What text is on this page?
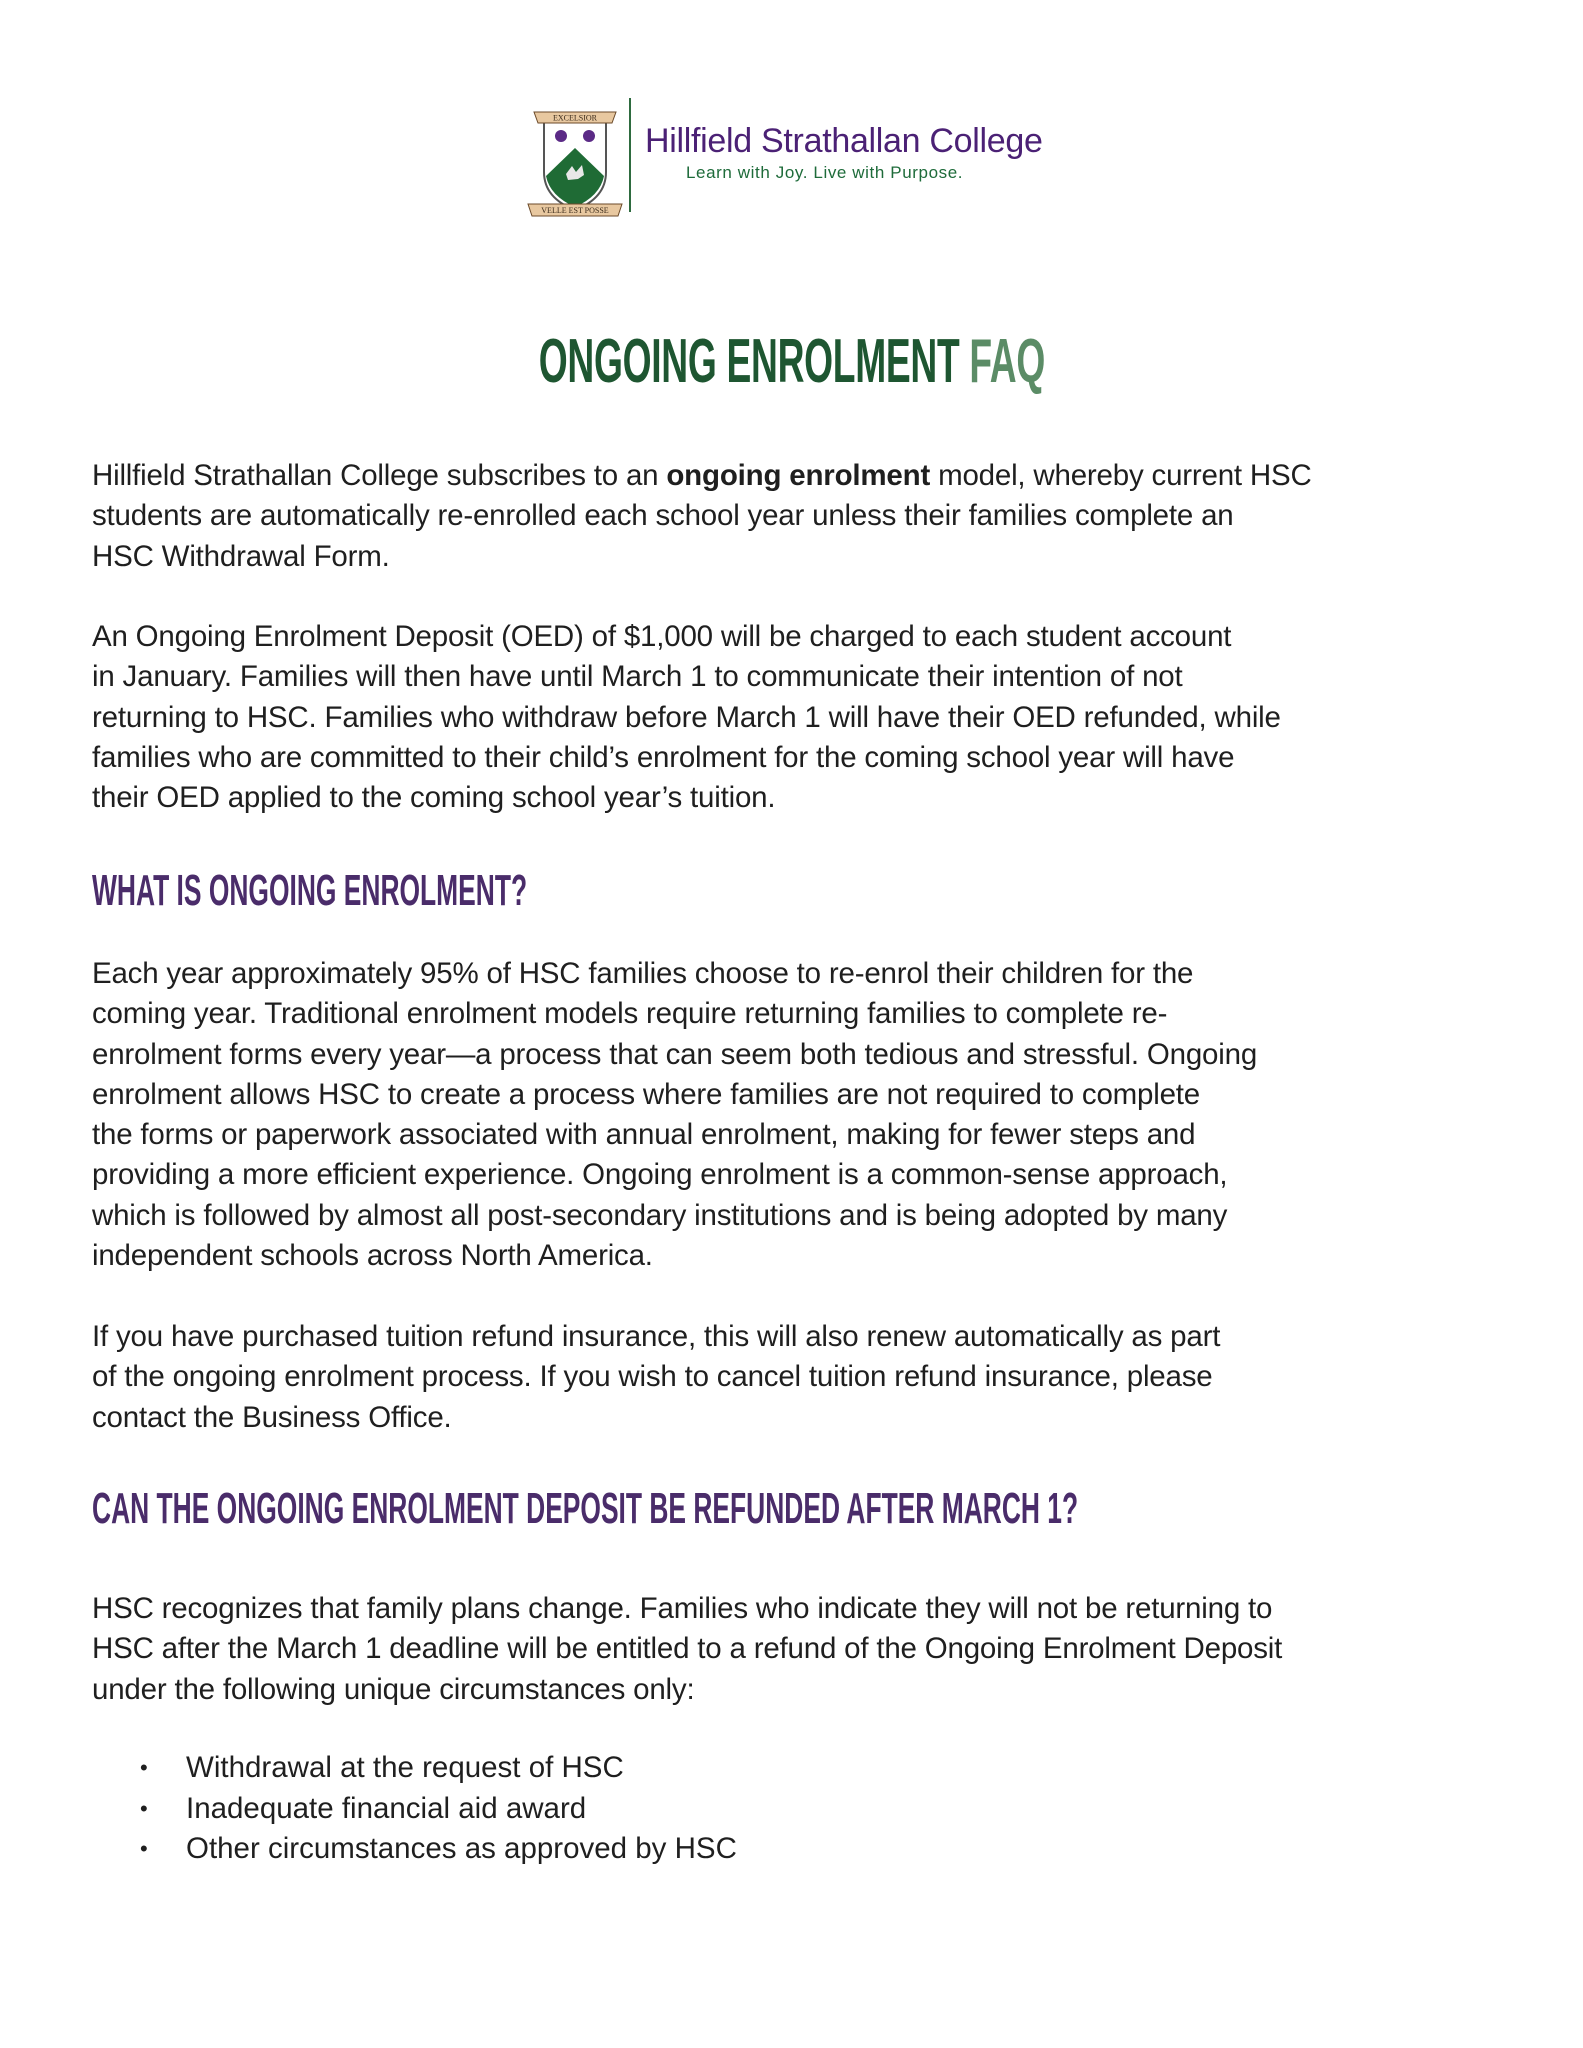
EXCELSIOR
VELLE EST POSSE
Hillfield Strathallan College
Learn with Joy. Live with Purpose.
ONGOING ENROLMENT FAQ
Hillfield Strathallan College subscribes to an ongoing enrolment model, whereby current HSC
students are automatically re-enrolled each school year unless their families complete an
HSC Withdrawal Form.
An Ongoing Enrolment Deposit (OED) of $1,000 will be charged to each student account
in January. Families will then have until March 1 to communicate their intention of not
returning to HSC. Families who withdraw before March 1 will have their OED refunded, while
families who are committed to their child’s enrolment for the coming school year will have
their OED applied to the coming school year’s tuition.
WHAT IS ONGOING ENROLMENT?
Each year approximately 95% of HSC families choose to re-enrol their children for the
coming year. Traditional enrolment models require returning families to complete re-
enrolment forms every year—a process that can seem both tedious and stressful. Ongoing
enrolment allows HSC to create a process where families are not required to complete
the forms or paperwork associated with annual enrolment, making for fewer steps and
providing a more efficient experience. Ongoing enrolment is a common-sense approach,
which is followed by almost all post-secondary institutions and is being adopted by many
independent schools across North America.
If you have purchased tuition refund insurance, this will also renew automatically as part
of the ongoing enrolment process. If you wish to cancel tuition refund insurance, please
contact the Business Office.
CAN THE ONGOING ENROLMENT DEPOSIT BE REFUNDED AFTER MARCH 1?
HSC recognizes that family plans change. Families who indicate they will not be returning to
HSC after the March 1 deadline will be entitled to a refund of the Ongoing Enrolment Deposit
under the following unique circumstances only:
•	Withdrawal at the request of HSC
•	Inadequate financial aid award
•	Other circumstances as approved by HSC
